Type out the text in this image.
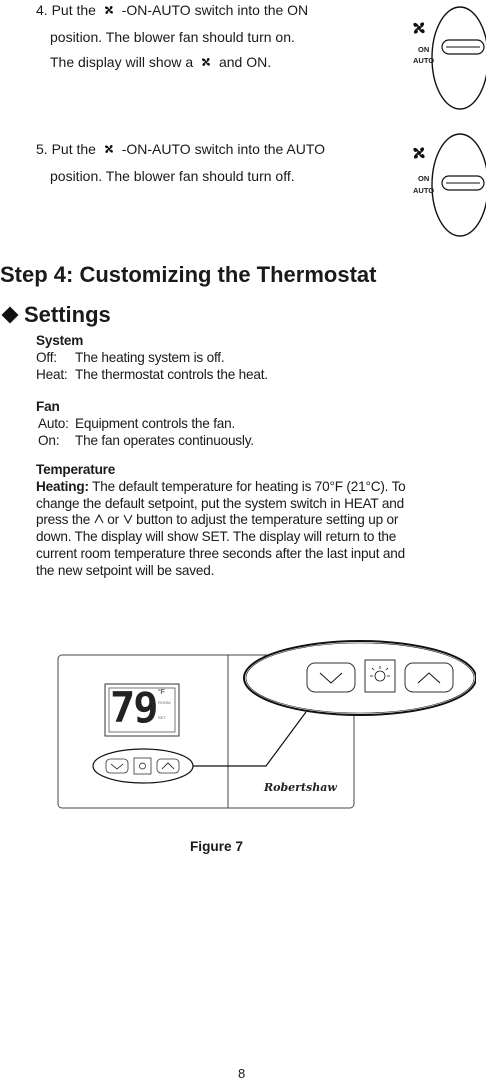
4. Put the -ON-AUTO switch into the ON
position. The blower fan should turn on.
The display will show a and ON.
ON
AUTO
5. Put the -ON-AUTO switch into the AUTO
position. The blower fan should turn off.	ON
AUTO
Step 4: Customizing the Thermostat
Settings
System
Off:	The heating system is off.
Heat: The thermostat controls the heat.
Fan
Auto: Equipment controls the fan.
On:	The fan operates continuously.
Temperature
Heating: The default temperature for heating is 70°F (21°C). To
change the default setpoint, put the system switch in HEAT and
press the or button to adjust the temperature setting up or
down. The display will show SET. The display will return to the
current room temperature three seconds after the last input and
the new setpoint will be saved.
79 °F
ROOM
SET
Robertshaw
Figure 7
8
